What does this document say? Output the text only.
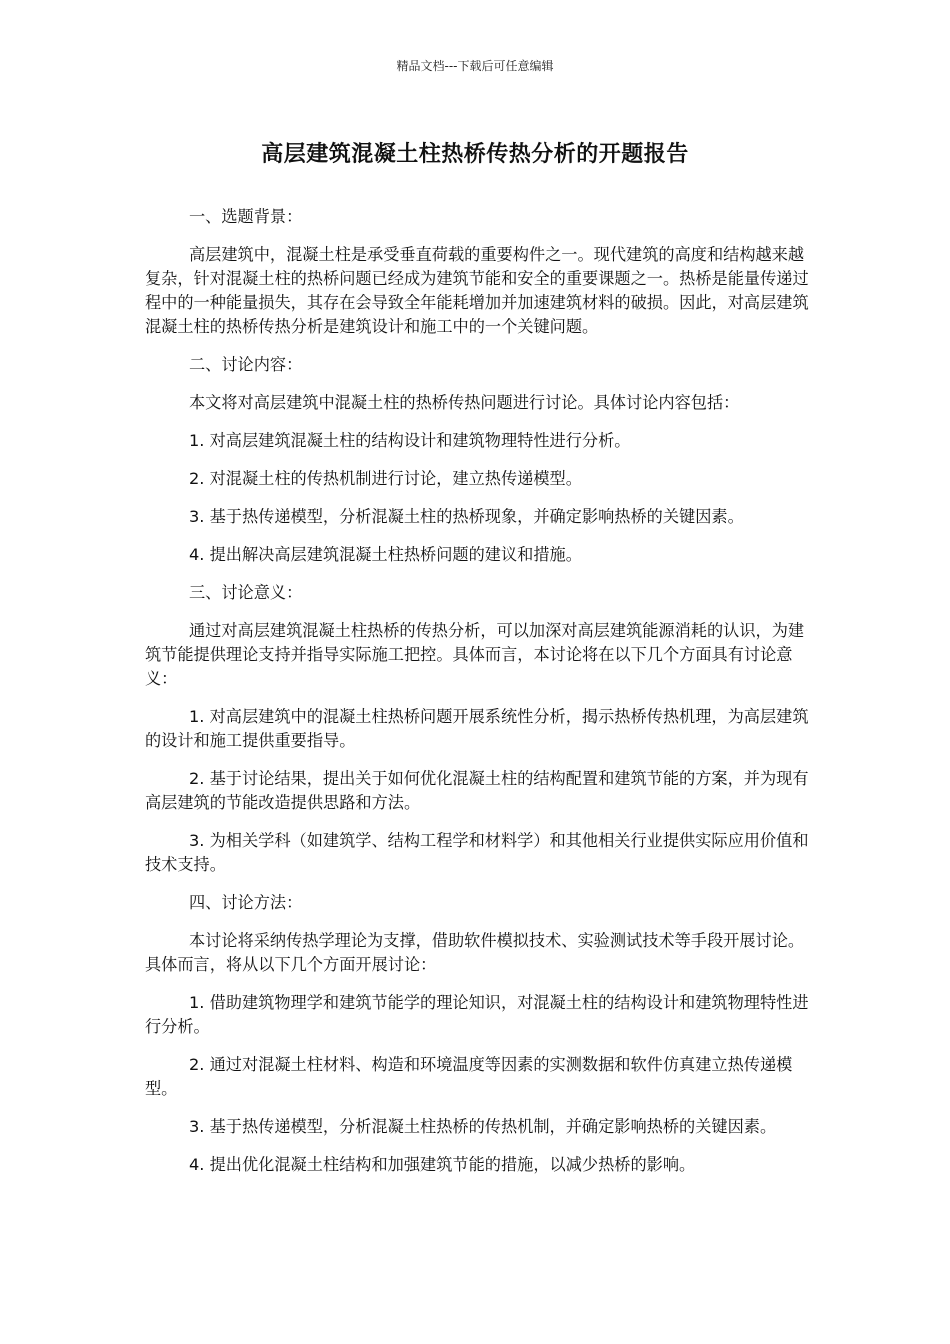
精品文档---下载后可任意编辑
高层建筑混凝土柱热桥传热分析的开题报告

一、选题背景：

高层建筑中，混凝土柱是承受垂直荷载的重要构件之一。现代建筑的高度和结构越来越复杂，针对混凝土柱的热桥问题已经成为建筑节能和安全的重要课题之一。热桥是能量传递过程中的一种能量损失，其存在会导致全年能耗增加并加速建筑材料的破损。因此，对高层建筑混凝土柱的热桥传热分析是建筑设计和施工中的一个关键问题。

二、讨论内容：

本文将对高层建筑中混凝土柱的热桥传热问题进行讨论。具体讨论内容包括：

1. 对高层建筑混凝土柱的结构设计和建筑物理特性进行分析。

2. 对混凝土柱的传热机制进行讨论，建立热传递模型。

3. 基于热传递模型，分析混凝土柱的热桥现象，并确定影响热桥的关键因素。

4. 提出解决高层建筑混凝土柱热桥问题的建议和措施。

三、讨论意义：

通过对高层建筑混凝土柱热桥的传热分析，可以加深对高层建筑能源消耗的认识，为建筑节能提供理论支持并指导实际施工把控。具体而言，本讨论将在以下几个方面具有讨论意义：

1. 对高层建筑中的混凝土柱热桥问题开展系统性分析，揭示热桥传热机理，为高层建筑的设计和施工提供重要指导。

2. 基于讨论结果，提出关于如何优化混凝土柱的结构配置和建筑节能的方案，并为现有高层建筑的节能改造提供思路和方法。

3. 为相关学科（如建筑学、结构工程学和材料学）和其他相关行业提供实际应用价值和技术支持。

四、讨论方法：

本讨论将采纳传热学理论为支撑，借助软件模拟技术、实验测试技术等手段开展讨论。具体而言，将从以下几个方面开展讨论：

1. 借助建筑物理学和建筑节能学的理论知识，对混凝土柱的结构设计和建筑物理特性进行分析。

2. 通过对混凝土柱材料、构造和环境温度等因素的实测数据和软件仿真建立热传递模型。

3. 基于热传递模型，分析混凝土柱热桥的传热机制，并确定影响热桥的关键因素。

4. 提出优化混凝土柱结构和加强建筑节能的措施，以减少热桥的影响。
